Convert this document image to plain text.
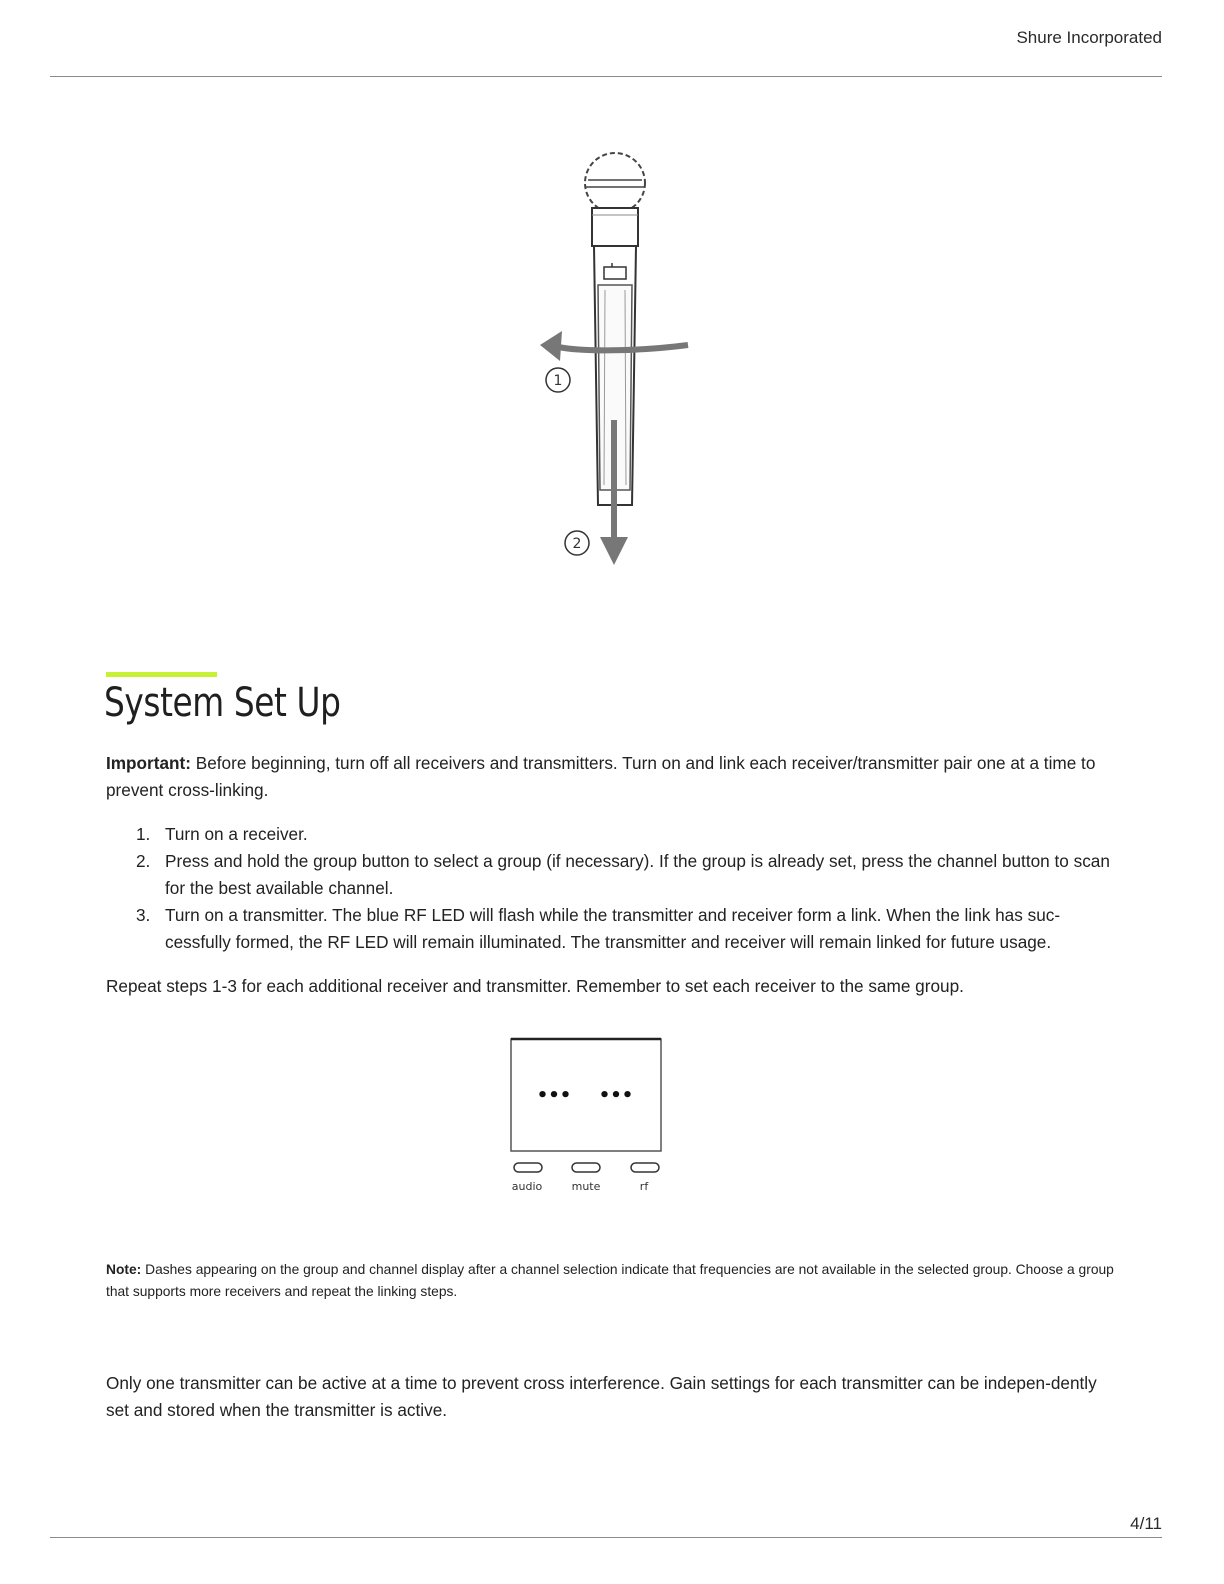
Shure Incorporated
1
2
System Set Up

Important: Before beginning, turn off all receivers and transmitters. Turn on and link each receiver/transmitter pair one at a time to prevent cross-linking.

1. Turn on a receiver.
2. Press and hold the group button to select a group (if necessary). If the group is already set, press the channel button to scan for the best available channel.
3. Turn on a transmitter. The blue RF LED will flash while the transmitter and receiver form a link. When the link has suc-cessfully formed, the RF LED will remain illuminated. The transmitter and receiver will remain linked for future usage.

Repeat steps 1-3 for each additional receiver and transmitter. Remember to set each receiver to the same group.

••• •••
audio	mute	rf

Note: Dashes appearing on the group and channel display after a channel selection indicate that frequencies are not available in the selected group. Choose a group that supports more receivers and repeat the linking steps.

Only one transmitter can be active at a time to prevent cross interference. Gain settings for each transmitter can be indepen-dently set and stored when the transmitter is active.

4/11
